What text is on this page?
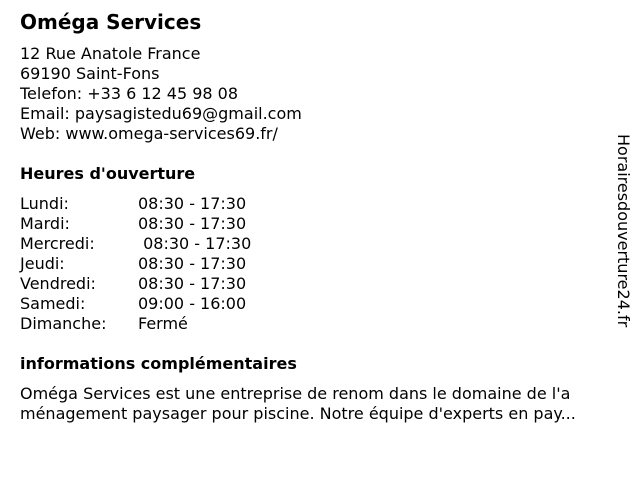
Oméga Services
12 Rue Anatole France
69190 Saint-Fons
Telefon: +33 6 12 45 98 08
Email: paysagistedu69@gmail.com
Web: www.omega-services69.fr/
Heures d'ouverture
Lundi:	08:30 - 17:30
Mardi:	08:30 - 17:30
Mercredi:	08:30 - 17:30
Jeudi:	08:30 - 17:30
Vendredi:	08:30 - 17:30
Samedi:	09:00 - 16:00
Dimanche:	Fermé
informations complémentaires
Oméga Services est une entreprise de renom dans le domaine de l'a
ménagement paysager pour piscine. Notre équipe d'experts en pay...
Horairesdouverture24.fr
